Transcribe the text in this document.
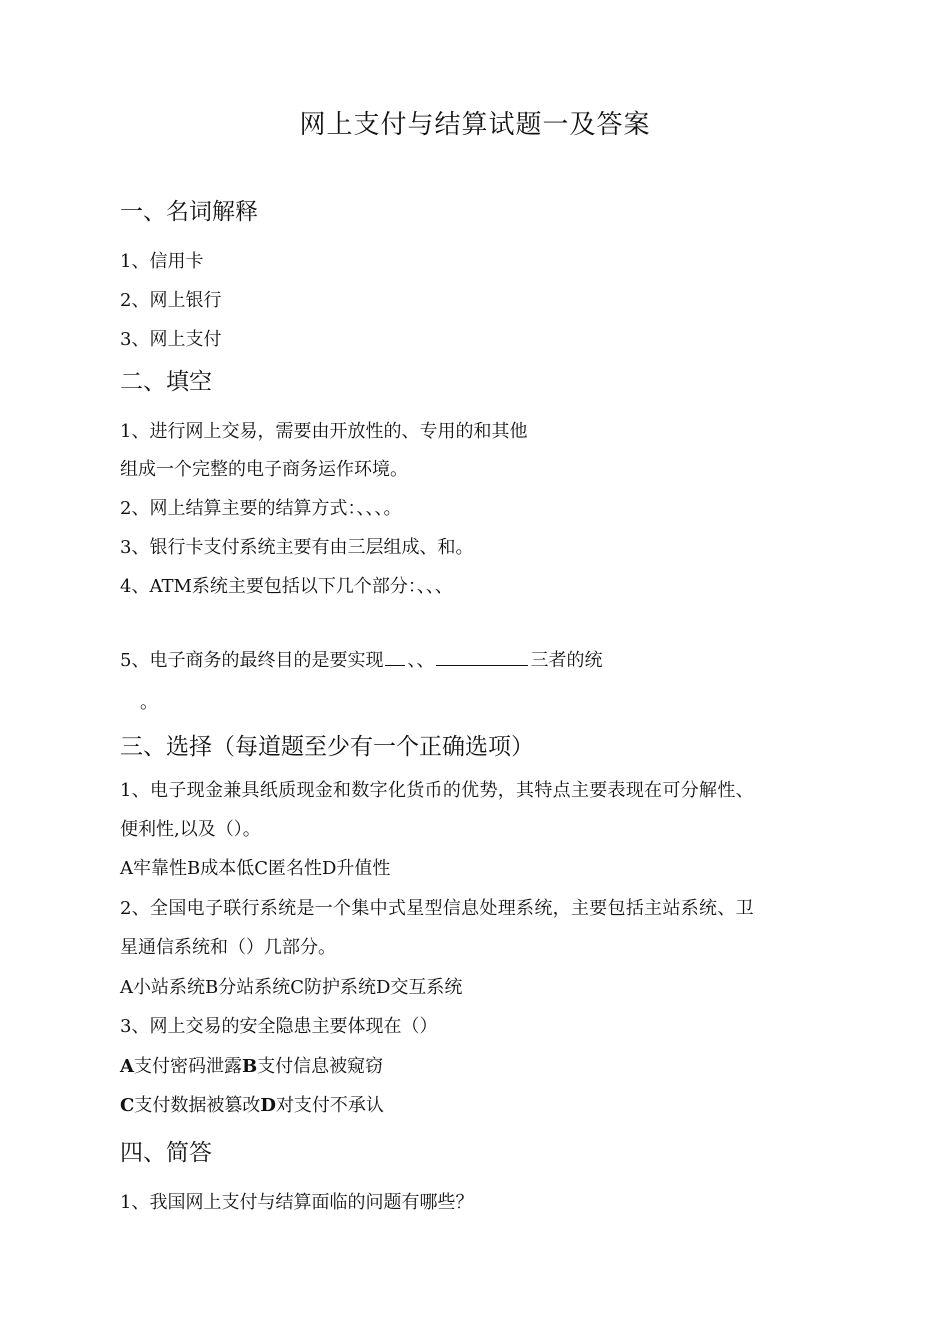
网上支付与结算试题一及答案
一、名词解释
1、信用卡
2、网上银行
3、网上支付
二、填空
1、进行网上交易，需要由开放性的、专用的和其他
组成一个完整的电子商务运作环境。
2、网上结算主要的结算方式：、、、。
3、银行卡支付系统主要有由三层组成、和。
4、ATM系统主要包括以下几个部分：、、、
5、电子商务的最终目的是要实现 、、	三者的统
。
三、选择（每道题至少有一个正确选项）
1、电子现金兼具纸质现金和数字化货币的优势，其特点主要表现在可分解性、
便利性,以及（）。
A牢靠性B成本低C匿名性D升值性
2、全国电子联行系统是一个集中式星型信息处理系统，主要包括主站系统、卫
星通信系统和（）几部分。
A小站系统B分站系统C防护系统D交互系统
3、网上交易的安全隐患主要体现在（）
A支付密码泄露B支付信息被窥窃
C支付数据被篡改D对支付不承认
四、简答
1、我国网上支付与结算面临的问题有哪些？
